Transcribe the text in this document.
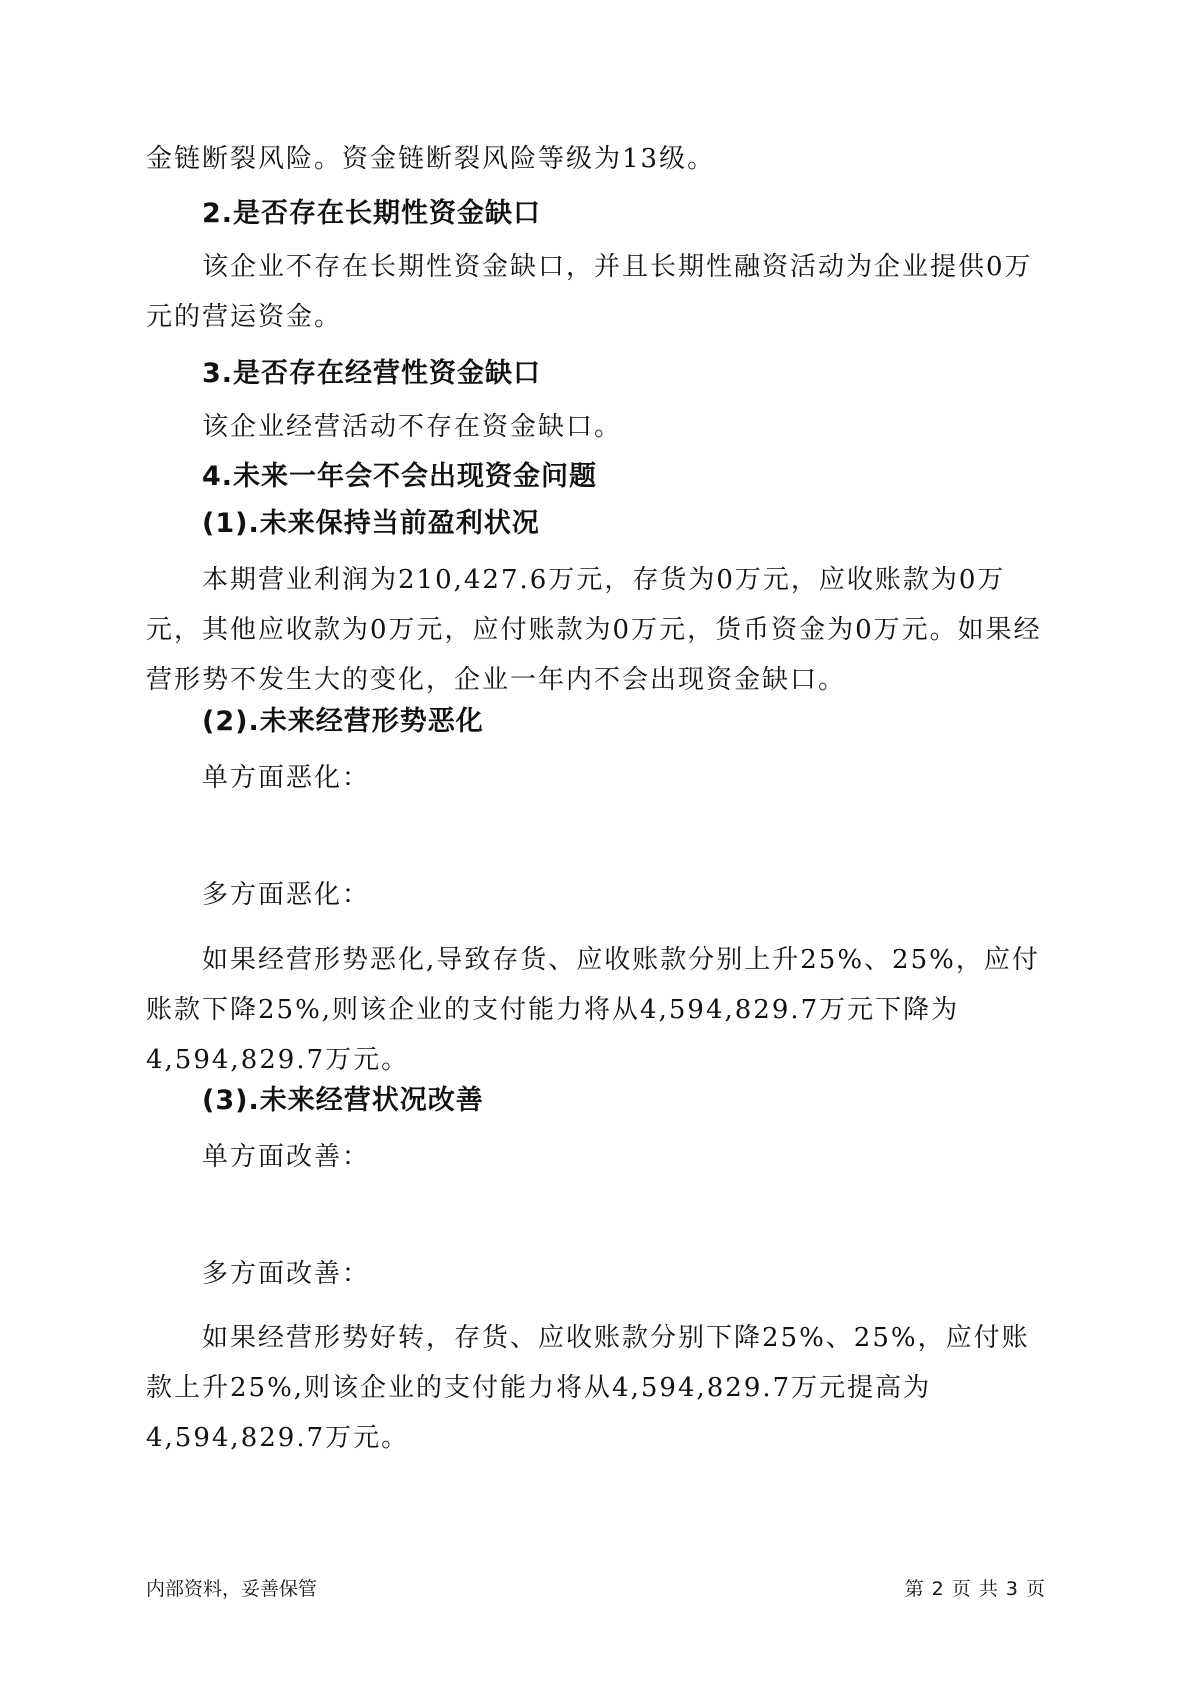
金链断裂风险。资金链断裂风险等级为13级。

2.是否存在长期性资金缺口

该企业不存在长期性资金缺口，并且长期性融资活动为企业提供0万元的营运资金。

3.是否存在经营性资金缺口

该企业经营活动不存在资金缺口。

4.未来一年会不会出现资金问题
(1).未来保持当前盈利状况

本期营业利润为210,427.6万元，存货为0万元，应收账款为0万元，其他应收款为0万元，应付账款为0万元，货币资金为0万元。如果经营形势不发生大的变化，企业一年内不会出现资金缺口。

(2).未来经营形势恶化

单方面恶化：

多方面恶化：

如果经营形势恶化,导致存货、应收账款分别上升25%、25%，应付账款下降25%,则该企业的支付能力将从4,594,829.7万元下降为4,594,829.7万元。

(3).未来经营状况改善

单方面改善：

多方面改善：

如果经营形势好转，存货、应收账款分别下降25%、25%，应付账款上升25%,则该企业的支付能力将从4,594,829.7万元提高为4,594,829.7万元。

内部资料，妥善保管	第 2 页 共 3 页
